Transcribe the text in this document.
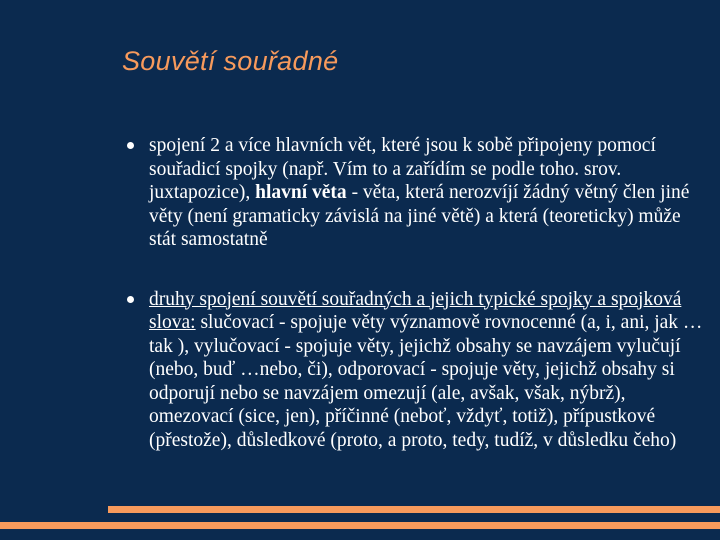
Souvětí souřadné
spojení 2 a více hlavních vět, které jsou k sobě připojeny pomocí souřadicí spojky (např. Vím to a zařídím se podle toho. srov. juxtapozice), hlavní věta - věta, která nerozvíjí žádný větný člen jiné věty (není gramaticky závislá na jiné větě) a která (teoreticky) může stát samostatně
druhy spojení souvětí souřadných a jejich typické spojky a spojková slova: slučovací - spojuje věty významově rovnocenné (a, i, ani, jak …tak ), vylučovací - spojuje věty, jejichž obsahy se navzájem vylučují (nebo, buď …nebo, či), odporovací - spojuje věty, jejichž obsahy si odporují nebo se navzájem omezují (ale, avšak, však, nýbrž), omezovací (sice, jen), příčinné (neboť, vždyť, totiž), přípustkové (přestože), důsledkové (proto, a proto, tedy, tudíž, v důsledku čeho)
